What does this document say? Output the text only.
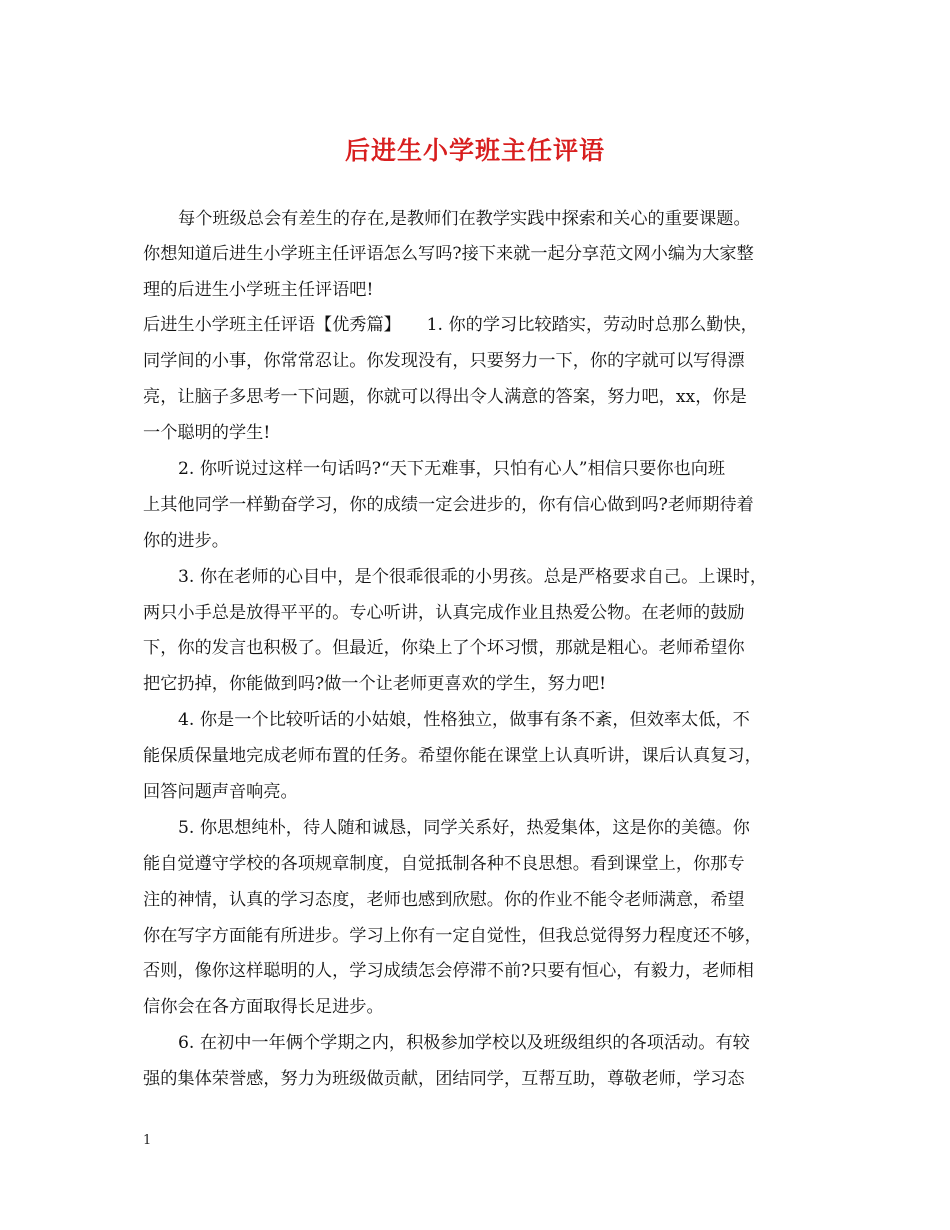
后进生小学班主任评语
每个班级总会有差生的存在,是教师们在教学实践中探索和关心的重要课题。
你想知道后进生小学班主任评语怎么写吗?接下来就一起分享范文网小编为大家整
理的后进生小学班主任评语吧!
后进生小学班主任评语【优秀篇】　　1. 你的学习比较踏实，劳动时总那么勤快，
同学间的小事，你常常忍让。你发现没有，只要努力一下，你的字就可以写得漂
亮，让脑子多思考一下问题，你就可以得出令人满意的答案，努力吧，xx，你是
一个聪明的学生!
2. 你听说过这样一句话吗?“天下无难事，只怕有心人”相信只要你也向班
上其他同学一样勤奋学习，你的成绩一定会进步的，你有信心做到吗?老师期待着
你的进步。
3. 你在老师的心目中，是个很乖很乖的小男孩。总是严格要求自己。上课时，
两只小手总是放得平平的。专心听讲，认真完成作业且热爱公物。在老师的鼓励
下，你的发言也积极了。但最近，你染上了个坏习惯，那就是粗心。老师希望你
把它扔掉，你能做到吗?做一个让老师更喜欢的学生，努力吧!
4. 你是一个比较听话的小姑娘，性格独立，做事有条不紊，但效率太低，不
能保质保量地完成老师布置的任务。希望你能在课堂上认真听讲，课后认真复习，
回答问题声音响亮。
5. 你思想纯朴，待人随和诚恳，同学关系好，热爱集体，这是你的美德。你
能自觉遵守学校的各项规章制度，自觉抵制各种不良思想。看到课堂上，你那专
注的神情，认真的学习态度，老师也感到欣慰。你的作业不能令老师满意，希望
你在写字方面能有所进步。学习上你有一定自觉性，但我总觉得努力程度还不够，
否则，像你这样聪明的人，学习成绩怎会停滞不前?只要有恒心，有毅力，老师相
信你会在各方面取得长足进步。
6. 在初中一年俩个学期之内，积极参加学校以及班级组织的各项活动。有较
强的集体荣誉感，努力为班级做贡献，团结同学，互帮互助，尊敬老师，学习态
1
